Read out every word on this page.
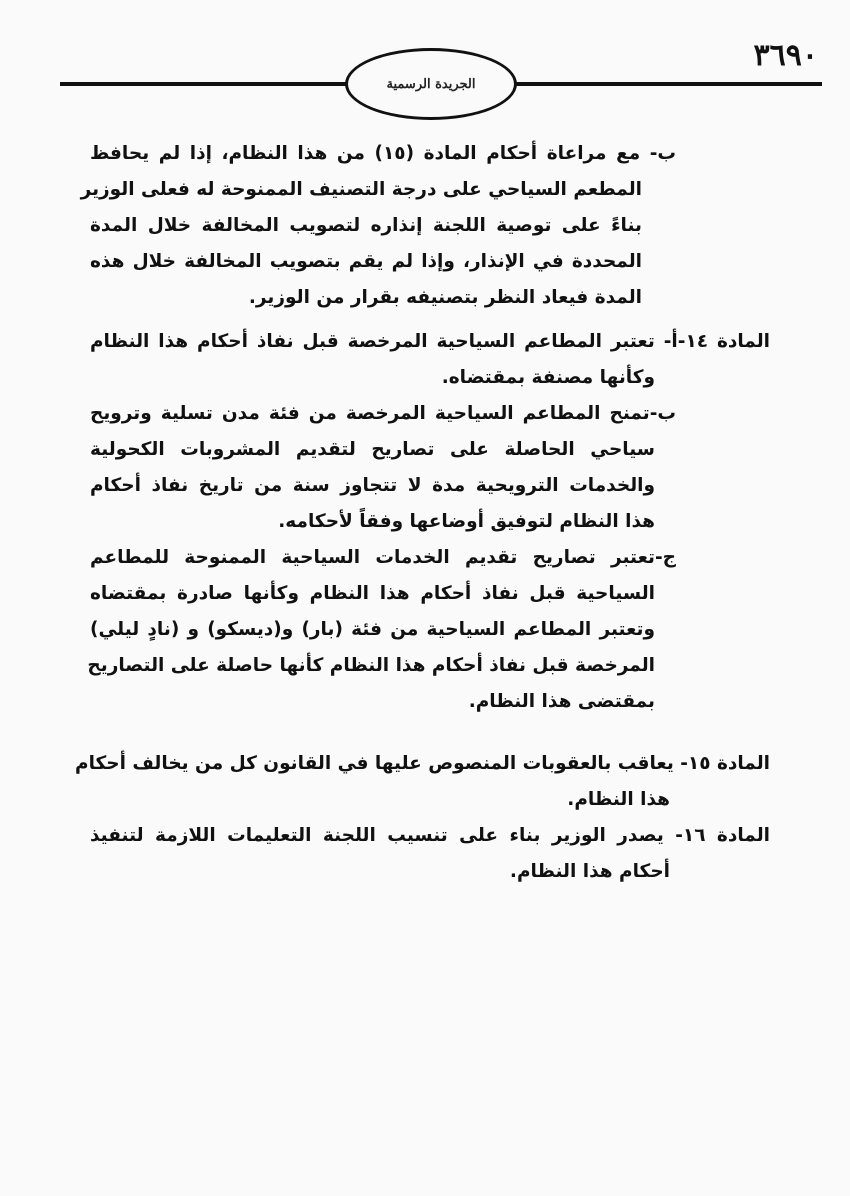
الجريدة الرسمية
٣٦٩٠
ب- مع مراعاة أحكام المادة (١٥) من هذا النظام، إذا لم يحافظ
المطعم السياحي على درجة التصنيف الممنوحة له فعلى الوزير
بناءً على توصية اللجنة إنذاره لتصويب المخالفة خلال المدة
المحددة في الإنذار، وإذا لم يقم بتصويب المخالفة خلال هذه
المدة فيعاد النظر بتصنيفه بقرار من الوزير.
المادة ١٤-أ- تعتبر المطاعم السياحية المرخصة قبل نفاذ أحكام هذا النظام
وكأنها مصنفة بمقتضاه.
ب-تمنح المطاعم السياحية المرخصة من فئة مدن تسلية وترويح
سياحي الحاصلة على تصاريح لتقديم المشروبات الكحولية
والخدمات الترويحية مدة لا تتجاوز سنة من تاريخ نفاذ أحكام
هذا النظام لتوفيق أوضاعها وفقاً لأحكامه.
ج-تعتبر تصاريح تقديم الخدمات السياحية الممنوحة للمطاعم
السياحية قبل نفاذ أحكام هذا النظام وكأنها صادرة بمقتضاه
وتعتبر المطاعم السياحية من فئة (بار) و(ديسكو) و (نادٍ ليلي)
المرخصة قبل نفاذ أحكام هذا النظام كأنها حاصلة على التصاريح
بمقتضى هذا النظام.
المادة ١٥- يعاقب بالعقوبات المنصوص عليها في القانون كل من يخالف أحكام
هذا النظام.
المادة ١٦- يصدر الوزير بناء على تنسيب اللجنة التعليمات اللازمة لتنفيذ
أحكام هذا النظام.
